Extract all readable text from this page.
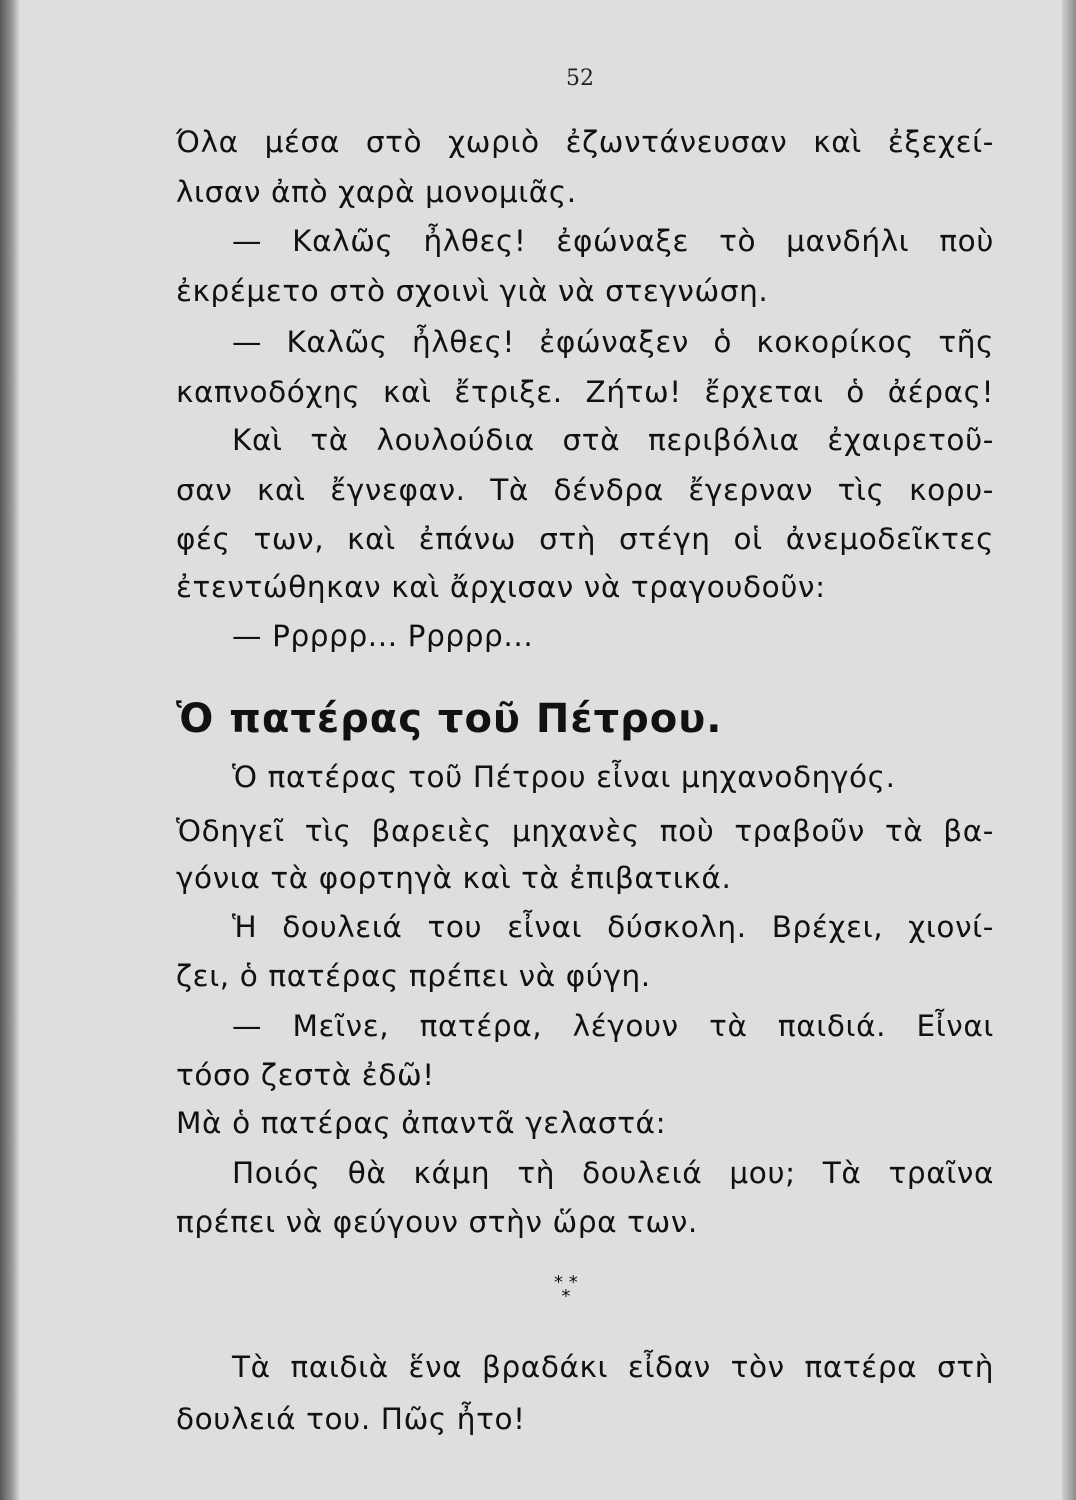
52
Όλα μέσα στὸ χωριὸ ἐζωντάνευσαν καὶ ἐξεχεί-
λισαν ἀπὸ χαρὰ μονομιᾶς.
— Καλῶς ἦλθες! ἐφώναξε τὸ μανδήλι ποὺ
ἐκρέμετο στὸ σχοινὶ γιὰ νὰ στεγνώση.
— Καλῶς ἦλθες! ἐφώναξεν ὁ κοκορίκος τῆς
καπνοδόχης καὶ ἔτριξε. Ζήτω! ἔρχεται ὁ ἀέρας!
Καὶ τὰ λουλούδια στὰ περιβόλια ἐχαιρετοῦ-
σαν καὶ ἔγνεφαν. Τὰ δένδρα ἔγερναν τὶς κορυ-
φές των, καὶ ἐπάνω στὴ στέγη οἱ ἀνεμοδεῖκτες
ἐτεντώθηκαν καὶ ἄρχισαν νὰ τραγουδοῦν:
— Ρρρρρ... Ρρρρρ...
Ὁ πατέρας τοῦ Πέτρου.
Ὁ πατέρας τοῦ Πέτρου εἶναι μηχανοδηγός.
Ὁδηγεῖ τὶς βαρειὲς μηχανὲς ποὺ τραβοῦν τὰ βα-
γόνια τὰ φορτηγὰ καὶ τὰ ἐπιβατικά.
Ἡ δουλειά του εἶναι δύσκολη. Βρέχει, χιονί-
ζει, ὁ πατέρας πρέπει νὰ φύγη.
— Μεῖνε, πατέρα, λέγουν τὰ παιδιά. Εἶναι
τόσο ζεστὰ ἐδῶ!
Μὰ ὁ πατέρας ἀπαντᾶ γελαστά:
Ποιός θὰ κάμη τὴ δουλειά μου; Τὰ τραῖνα
πρέπει νὰ φεύγουν στὴν ὥρα των.
* *
*
Τὰ παιδιὰ ἕνα βραδάκι εἶδαν τὸν πατέρα στὴ
δουλειά του. Πῶς ἦτο!
